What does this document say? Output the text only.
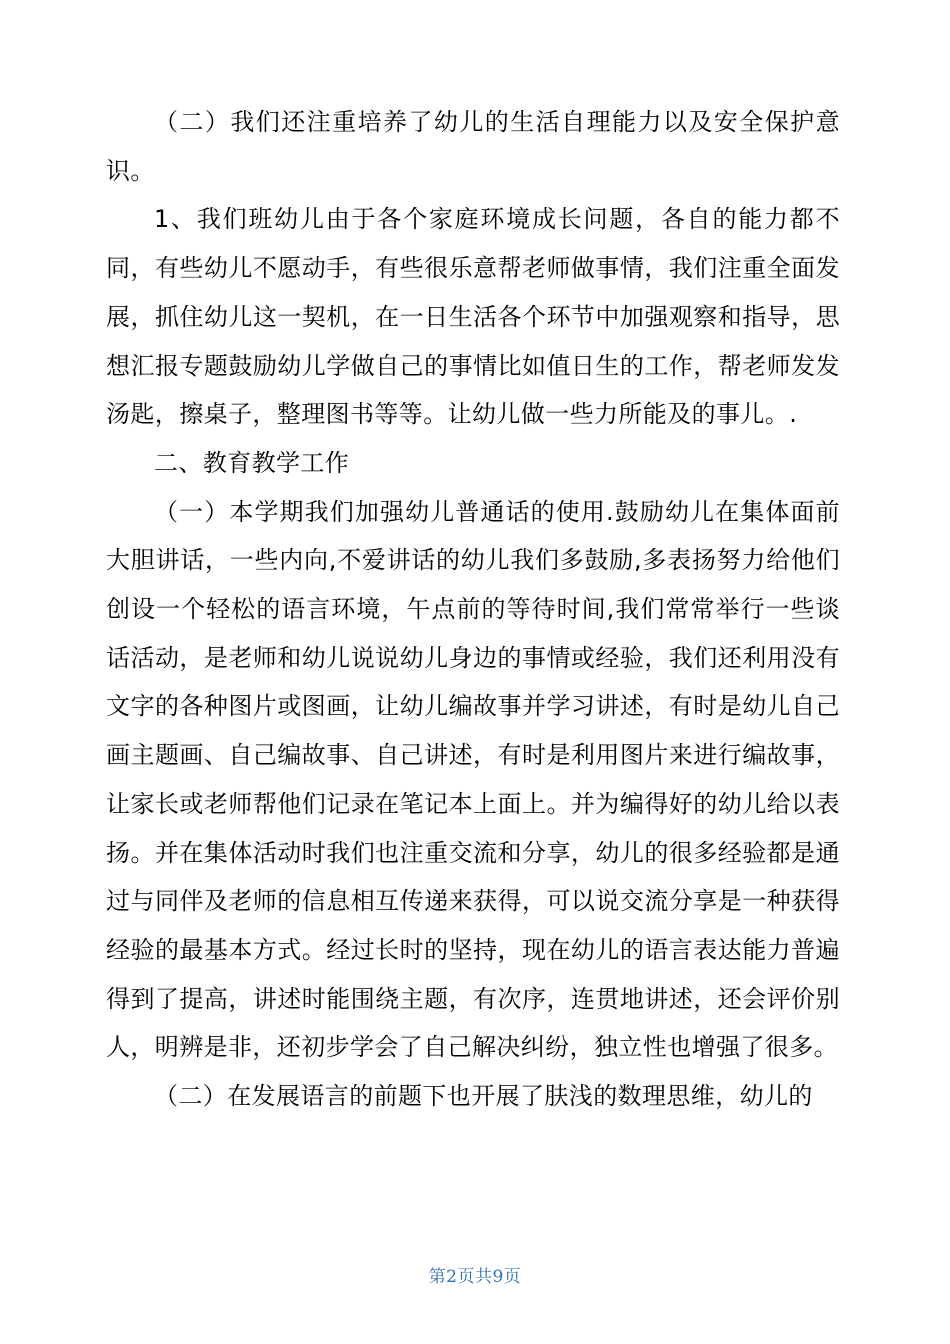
（二）我们还注重培养了幼儿的生活自理能力以及安全保护意识。

1、我们班幼儿由于各个家庭环境成长问题，各自的能力都不同，有些幼儿不愿动手，有些很乐意帮老师做事情，我们注重全面发展，抓住幼儿这一契机，在一日生活各个环节中加强观察和指导，思想汇报专题鼓励幼儿学做自己的事情比如值日生的工作，帮老师发发汤匙，擦桌子，整理图书等等。让幼儿做一些力所能及的事儿。.

二、教育教学工作

（一）本学期我们加强幼儿普通话的使用.鼓励幼儿在集体面前大胆讲话，一些内向,不爱讲话的幼儿我们多鼓励,多表扬努力给他们创设一个轻松的语言环境，午点前的等待时间,我们常常举行一些谈话活动，是老师和幼儿说说幼儿身边的事情或经验，我们还利用没有文字的各种图片或图画，让幼儿编故事并学习讲述，有时是幼儿自己画主题画、自己编故事、自己讲述，有时是利用图片来进行编故事，让家长或老师帮他们记录在笔记本上面上。并为编得好的幼儿给以表扬。并在集体活动时我们也注重交流和分享，幼儿的很多经验都是通过与同伴及老师的信息相互传递来获得，可以说交流分享是一种获得经验的最基本方式。经过长时的坚持，现在幼儿的语言表达能力普遍得到了提高，讲述时能围绕主题，有次序，连贯地讲述，还会评价别人，明辨是非，还初步学会了自己解决纠纷，独立性也增强了很多。

（二）在发展语言的前题下也开展了肤浅的数理思维，幼儿的

第2页共9页
